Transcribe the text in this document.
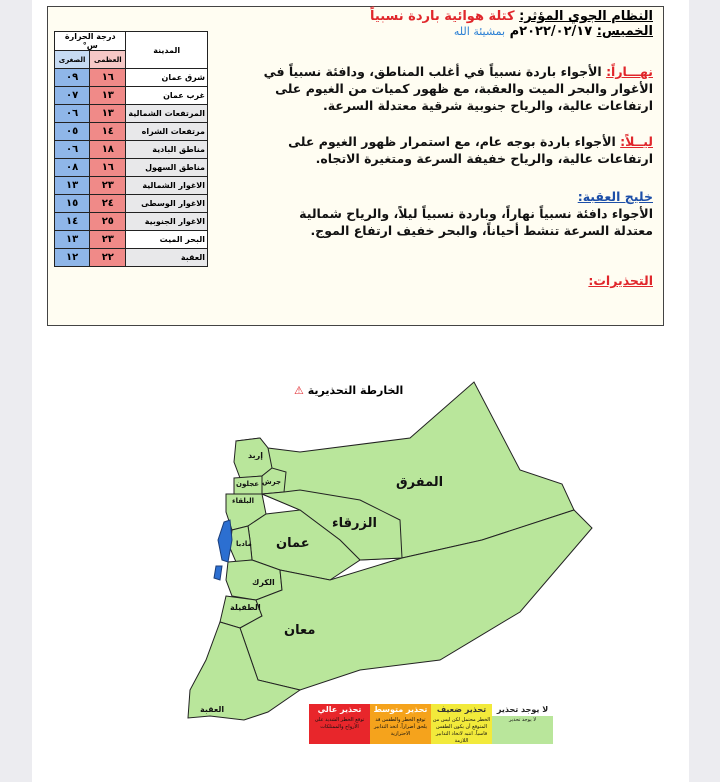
النظام الجوي المؤثر: كتلة هوائية باردة نسبياً
الخميس: ٢٠٢٢/٠٢/١٧م بمشيئة الله
نهـــاراً: الأجواء باردة نسبياً في أغلب المناطق، ودافئة نسبياً في الأغوار والبحر الميت والعقبة، مع ظهور كميات من الغيوم على ارتفاعات عالية، والرياح جنوبية شرقية معتدلة السرعة.
ليــلاً: الأجواء باردة بوجه عام، مع استمرار ظهور الغيوم على ارتفاعات عالية، والرياح خفيفة السرعة ومتغيرة الاتجاه.
خليج العقبة:
الأجواء دافئة نسبياً نهاراً، وباردة نسبياً ليلاً، والرياح شمالية معتدلة السرعة تنشط أحياناً، والبحر خفيف ارتفاع الموج.
التحذيرات:
المدينة	درجة الحرارة س°	
	العظمى	الصغرى
شرق عمان	١٦	٠٩
غرب عمان	١٣	٠٧
المرتفعات الشمالية	١٣	٠٦
مرتفعات الشراه	١٤	٠٥
مناطق البادية	١٨	٠٦
مناطق السهول	١٦	٠٨
الاغوار الشمالية	٢٣	١٣
الاغوار الوسطى	٢٤	١٥
الاغوار الجنوبية	٢٥	١٤
البحر الميت	٢٣	١٣
العقبة	٢٢	١٢
الخارطة التحذيرية ⚠
المفرق
الزرقاء
عمان
معان
إربد
عجلون جرش
البلقاء
مادبا
الكرك
الطفيلة
العقبة	لا يوجد تحذير
لا يوجد تحذير
تحذير ضعيف
الخطر محتمل لكن ليس من المتوقع أن يكون الطقس قاسياً. انتبه لاتخاذ التدابير اللازمة
تحذير متوسط
توقع الخطر والطقس قد يلحق أضراراً. اتخذ التدابير الاحترازية
تحذير عالي
توقع الخطر الشديد على الأرواح والممتلكات
